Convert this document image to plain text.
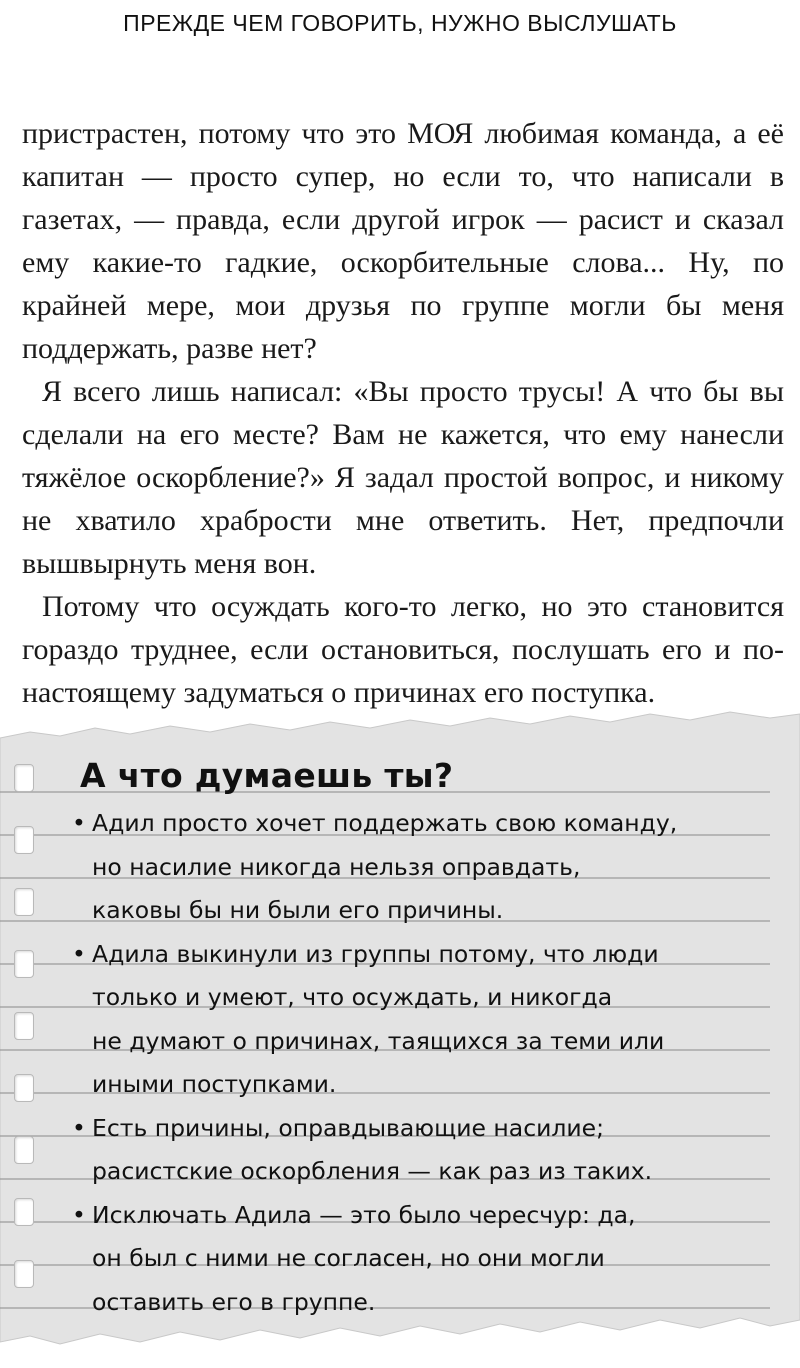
ПРЕЖДЕ ЧЕМ ГОВОРИТЬ, НУЖНО ВЫСЛУШАТЬ

пристрастен, потому что это МОЯ любимая команда, а её капитан — просто супер, но если то, что написали в газетах, — правда, если другой игрок — расист и сказал ему какие-то гадкие, оскорбительные слова... Ну, по крайней мере, мои друзья по группе могли бы меня поддержать, разве нет?

Я всего лишь написал: «Вы просто трусы! А что бы вы сделали на его месте? Вам не кажется, что ему нанесли тяжёлое оскорбление?» Я задал простой вопрос, и никому не хватило храбрости мне ответить. Нет, предпочли вышвырнуть меня вон.

Потому что осуждать кого-то легко, но это становится гораздо труднее, если остановиться, послушать его и по-настоящему задуматься о причинах его поступка.

А что думаешь ты?
• Адил просто хочет поддержать свою команду,
но насилие никогда нельзя оправдать,
каковы бы ни были его причины.
• Адила выкинули из группы потому, что люди
только и умеют, что осуждать, и никогда
не думают о причинах, таящихся за теми или
иными поступками.
• Есть причины, оправдывающие насилие;
расистские оскорбления — как раз из таких.
• Исключать Адила — это было чересчур: да,
он был с ними не согласен, но они могли
оставить его в группе.
